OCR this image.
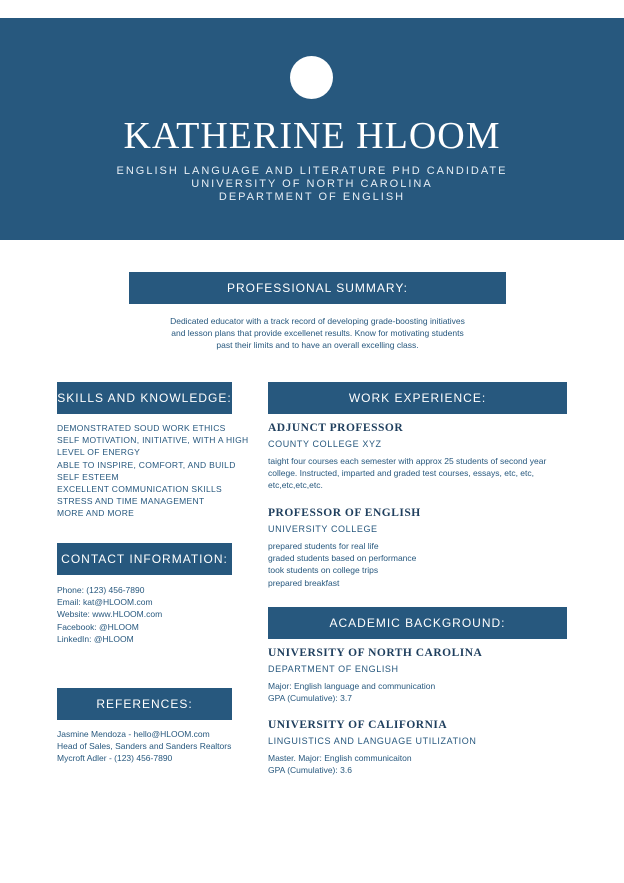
KATHERINE HLOOM
ENGLISH LANGUAGE AND LITERATURE PHD CANDIDATE
UNIVERSITY OF NORTH CAROLINA
DEPARTMENT OF ENGLISH
PROFESSIONAL SUMMARY:
Dedicated educator with a track record of developing grade-boosting initiatives
and lesson plans that provide excellenet results. Know for motivating students
past their limits and to have an overall excelling class.
SKILLS AND KNOWLEDGE:
DEMONSTRATED SOUD WORK ETHICS
SELF MOTIVATION, INITIATIVE, WITH A HIGH
LEVEL OF ENERGY
ABLE TO INSPIRE, COMFORT, AND BUILD
SELF ESTEEM
EXCELLENT COMMUNICATION SKILLS
STRESS AND TIME MANAGEMENT
MORE AND MORE
CONTACT INFORMATION:
Phone: (123) 456-7890
Email: kat@HLOOM.com
Website: www.HLOOM.com
Facebook: @HLOOM
LinkedIn: @HLOOM
REFERENCES:
Jasmine Mendoza - hello@HLOOM.com
Head of Sales, Sanders and Sanders Realtors
Mycroft Adler - (123) 456-7890
WORK EXPERIENCE:
ADJUNCT PROFESSOR
COUNTY COLLEGE XYZ
taight four courses each semester with approx 25 students of second year
college. Instructed, imparted and graded test courses, essays, etc, etc,
etc,etc,etc,etc.
PROFESSOR OF ENGLISH
UNIVERSITY COLLEGE
prepared students for real life
graded students based on performance
took students on college trips
prepared breakfast
ACADEMIC BACKGROUND:
UNIVERSITY OF NORTH CAROLINA
DEPARTMENT OF ENGLISH
Major: English language and communication
GPA (Cumulative): 3.7
UNIVERSITY OF CALIFORNIA
LINGUISTICS AND LANGUAGE UTILIZATION
Master. Major: English communicaiton
GPA (Cumulative): 3.6
